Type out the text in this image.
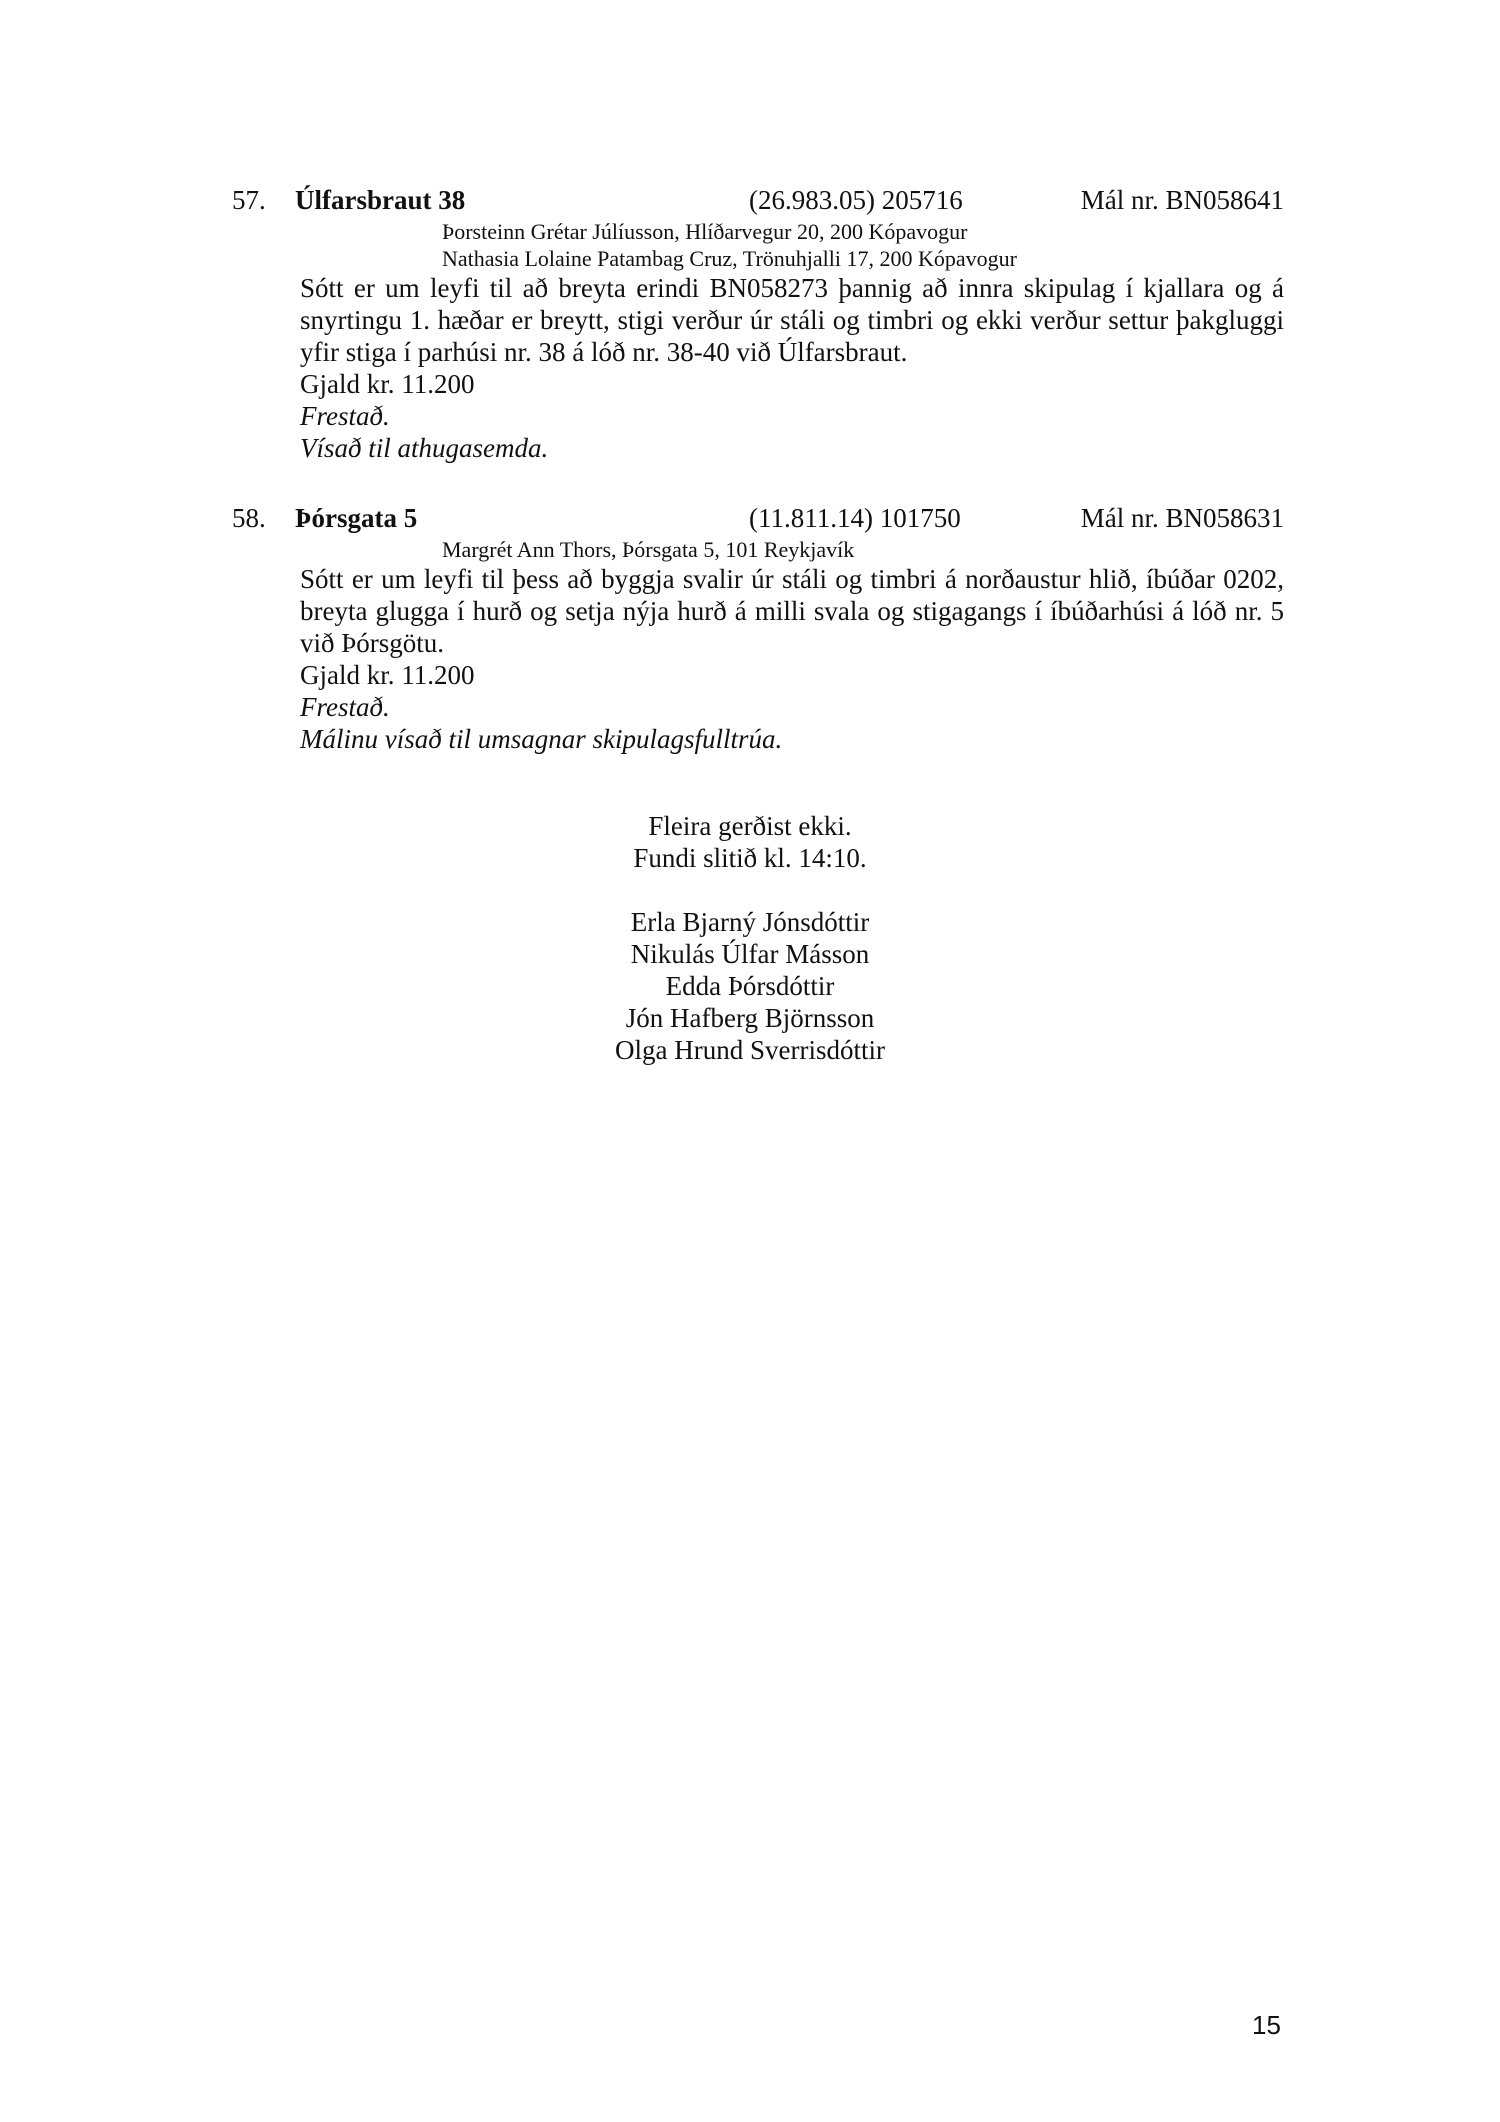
57. Úlfarsbraut 38	(26.983.05) 205716	Mál nr. BN058641
Þorsteinn Grétar Júlíusson, Hlíðarvegur 20, 200 Kópavogur
Nathasia Lolaine Patambag Cruz, Trönuhjalli 17, 200 Kópavogur
Sótt er um leyfi til að breyta erindi BN058273 þannig að innra skipulag í kjallara og á snyrtingu 1. hæðar er breytt, stigi verður úr stáli og timbri og ekki verður settur þakgluggi yfir stiga í parhúsi nr. 38 á lóð nr. 38-40 við Úlfarsbraut.
Gjald kr. 11.200
Frestað.
Vísað til athugasemda.
58. Þórsgata 5	(11.811.14) 101750	Mál nr. BN058631
Margrét Ann Thors, Þórsgata 5, 101 Reykjavík
Sótt er um leyfi til þess að byggja svalir úr stáli og timbri á norðaustur hlið, íbúðar 0202, breyta glugga í hurð og setja nýja hurð á milli svala og stigagangs í íbúðarhúsi á lóð nr. 5 við Þórsgötu.
Gjald kr. 11.200
Frestað.
Málinu vísað til umsagnar skipulagsfulltrúa.
Fleira gerðist ekki.
Fundi slitið kl. 14:10.
Erla Bjarný Jónsdóttir
Nikulás Úlfar Másson
Edda Þórsdóttir
Jón Hafberg Björnsson
Olga Hrund Sverrisdóttir
15
